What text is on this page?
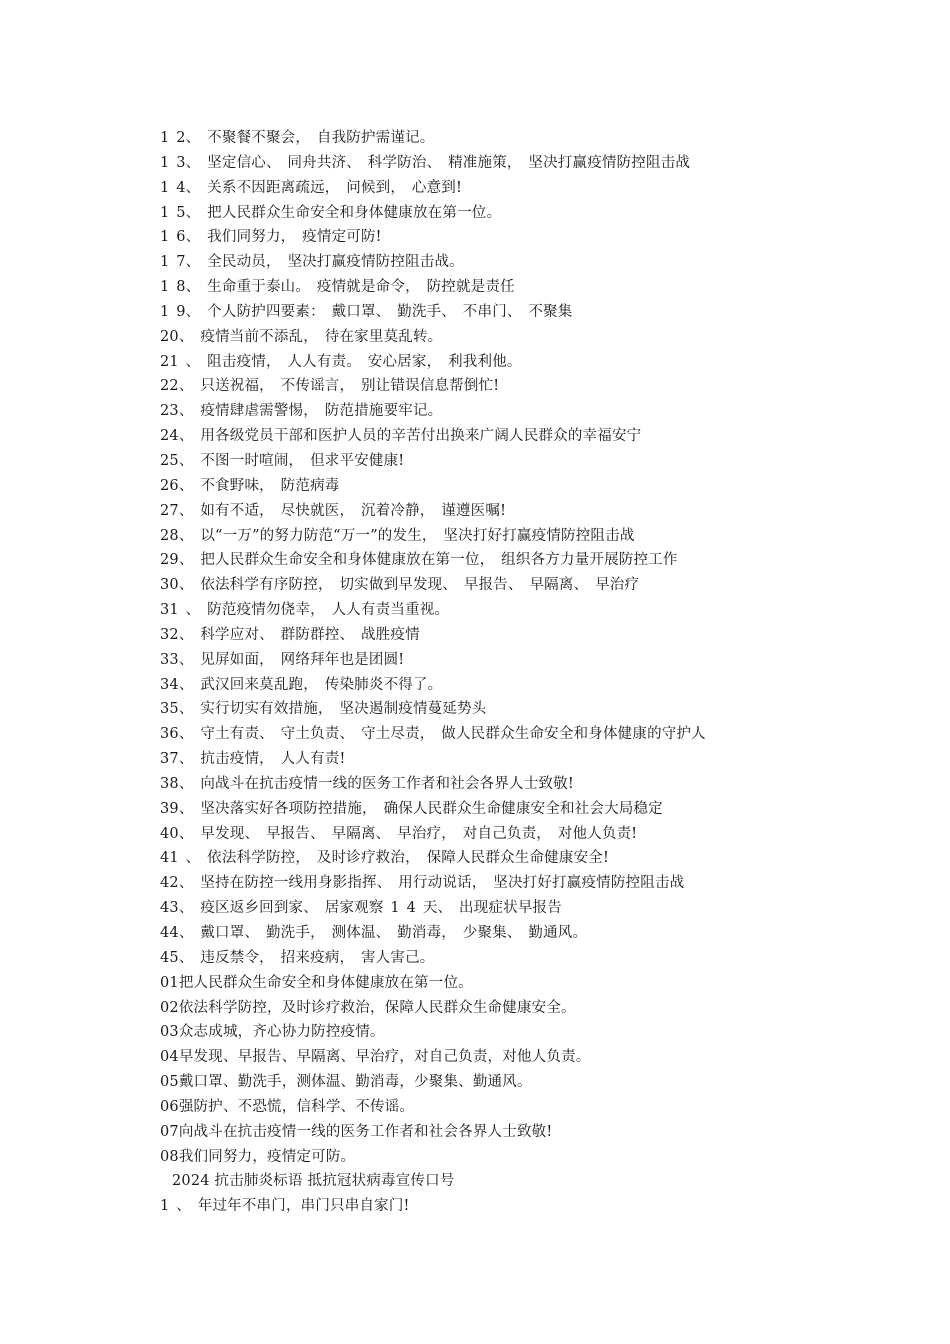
1 2、 不聚餐不聚会， 自我防护需谨记。
1 3、 坚定信心、 同舟共济、 科学防治、 精准施策， 坚决打赢疫情防控阻击战
1 4、 关系不因距离疏远， 问候到， 心意到!
1 5、 把人民群众生命安全和身体健康放在第一位。
1 6、 我们同努力， 疫情定可防!
1 7、 全民动员， 坚决打赢疫情防控阻击战。
1 8、 生命重于泰山。 疫情就是命令， 防控就是责任
1 9、 个人防护四要素： 戴口罩、 勤洗手、 不串门、 不聚集
20、 疫情当前不添乱， 待在家里莫乱转。
21 、 阻击疫情， 人人有责。 安心居家， 利我利他。
22、 只送祝福， 不传谣言， 别让错误信息帮倒忙!
23、 疫情肆虐需警惕， 防范措施要牢记。
24、 用各级党员干部和医护人员的辛苦付出换来广阔人民群众的幸福安宁
25、 不图一时喧闹， 但求平安健康!
26、 不食野味， 防范病毒
27、 如有不适， 尽快就医， 沉着冷静， 谨遵医嘱!
28、 以“一万”的努力防范“万一”的发生， 坚决打好打赢疫情防控阻击战
29、 把人民群众生命安全和身体健康放在第一位， 组织各方力量开展防控工作
30、 依法科学有序防控， 切实做到早发现、 早报告、 早隔离、 早治疗
31 、 防范疫情勿侥幸， 人人有责当重视。
32、 科学应对、 群防群控、 战胜疫情
33、 见屏如面， 网络拜年也是团圆!
34、 武汉回来莫乱跑， 传染肺炎不得了。
35、 实行切实有效措施， 坚决遏制疫情蔓延势头
36、 守土有责、 守土负责、 守土尽责， 做人民群众生命安全和身体健康的守护人
37、 抗击疫情， 人人有责!
38、 向战斗在抗击疫情一线的医务工作者和社会各界人士致敬!
39、 坚决落实好各项防控措施， 确保人民群众生命健康安全和社会大局稳定
40、 早发现、 早报告、 早隔离、 早治疗， 对自己负责， 对他人负责!
41 、 依法科学防控， 及时诊疗救治， 保障人民群众生命健康安全!
42、 坚持在防控一线用身影指挥、 用行动说话， 坚决打好打赢疫情防控阻击战
43、 疫区返乡回到家、 居家观察 1 4 天、 出现症状早报告
44、 戴口罩、 勤洗手， 测体温、 勤消毒， 少聚集、 勤通风。
45、 违反禁令， 招来疫病， 害人害己。
01把人民群众生命安全和身体健康放在第一位。
02依法科学防控，及时诊疗救治，保障人民群众生命健康安全。
03众志成城，齐心协力防控疫情。
04早发现、早报告、早隔离、早治疗，对自己负责，对他人负责。
05戴口罩、勤洗手，测体温、勤消毒，少聚集、勤通风。
06强防护、不恐慌，信科学、不传谣。
07向战斗在抗击疫情一线的医务工作者和社会各界人士致敬!
08我们同努力，疫情定可防。
2024 抗击肺炎标语 抵抗冠状病毒宣传口号
1 、 年过年不串门，串门只串自家门!
